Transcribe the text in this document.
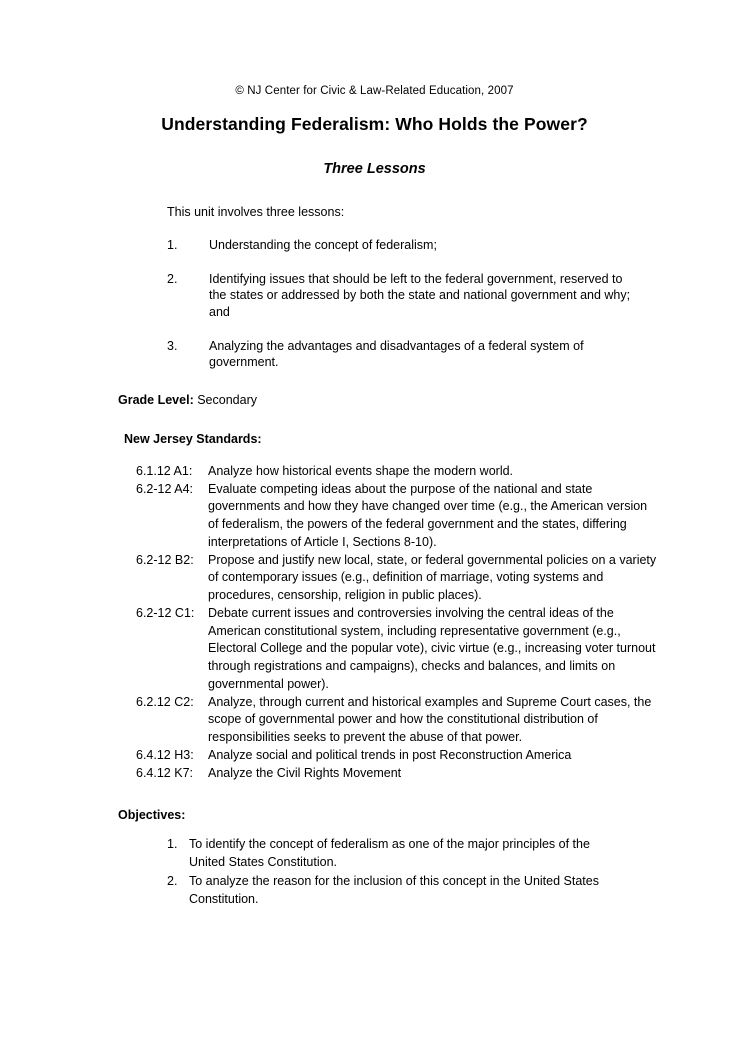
© NJ Center for Civic & Law-Related Education, 2007
Understanding Federalism: Who Holds the Power?
Three Lessons
This unit involves three lessons:
1.	Understanding the concept of federalism;
2.	Identifying issues that should be left to the federal government, reserved to the states or addressed by both the state and national government and why; and
3.	Analyzing the advantages and disadvantages of a federal system of government.
Grade Level: Secondary
New Jersey Standards:
6.1.12 A1:	Analyze how historical events shape the modern world.
6.2-12 A4:	Evaluate competing ideas about the purpose of the national and state governments and how they have changed over time (e.g., the American version of federalism, the powers of the federal government and the states, differing interpretations of Article I, Sections 8-10).
6.2-12 B2:	Propose and justify new local, state, or federal governmental policies on a variety of contemporary issues (e.g., definition of marriage, voting systems and procedures, censorship, religion in public places).
6.2-12 C1:	Debate current issues and controversies involving the central ideas of the American constitutional system, including representative government (e.g., Electoral College and the popular vote), civic virtue (e.g., increasing voter turnout through registrations and campaigns), checks and balances, and limits on governmental power).
6.2.12 C2:	Analyze, through current and historical examples and Supreme Court cases, the scope of governmental power and how the constitutional distribution of responsibilities seeks to prevent the abuse of that power.
6.4.12 H3:	Analyze social and political trends in post Reconstruction America
6.4.12 K7:	Analyze the Civil Rights Movement
Objectives:
1. To identify the concept of federalism as one of the major principles of the United States Constitution.
2. To analyze the reason for the inclusion of this concept in the United States Constitution.
